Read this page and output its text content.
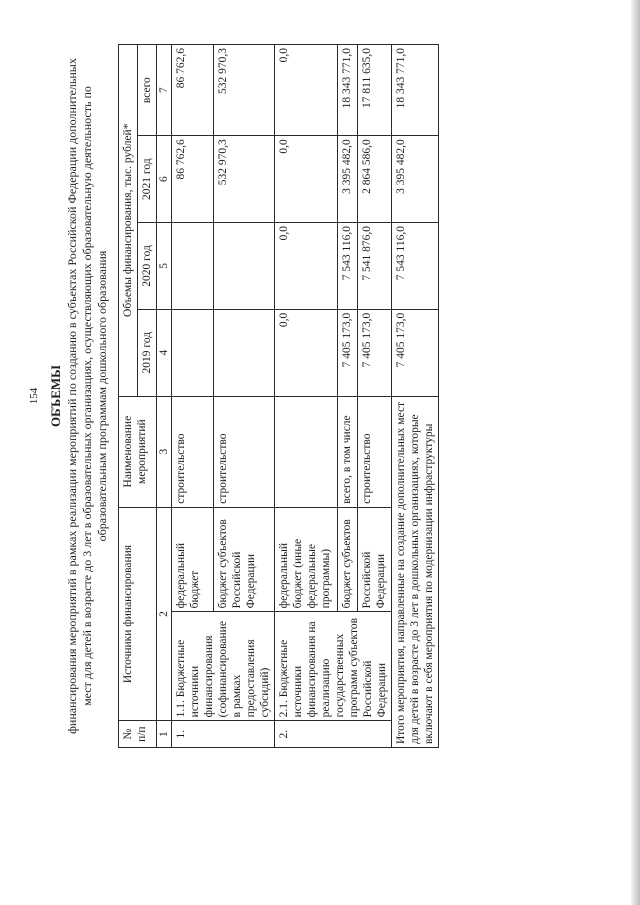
154 ОБЪЕМЫ финансирования мероприятий в рамках реализации мероприятий по созданию в субъектах Российской Федерации дополнительных мест для детей в возрасте до 3 лет в образовательных организациях, осуществляющих образовательную деятельность по образовательным программам дошкольного образования
№ п/п	Источники финансирования		Наименование мероприятий	Объемы финансирования, тыс. рублей*			
				2019 год	2020 год	2021 год	всего
1	2		3	4	5	6	7
1.	1.1. Бюджетные источники финансирования (софинансирование в рамках предоставления субсидий)	федеральный бюджет	строительство			86 762,6	86 762,6
		бюджет субъектов Российской Федерации	строительство			532 970,3	532 970,3
2.	2.1. Бюджетные источники финансирования на реализацию государственных программ субъектов Российской Федерации	федеральный бюджет (иные федеральные программы)		0,0	0,0	0,0	0,0
		бюджет субъектов	всего, в том числе	7 405 173,0	7 543 116,0	3 395 482,0	18 343 771,0
		Российской Федерации	строительство	7 405 173,0	7 541 876,0	2 864 586,0	17 811 635,0
Итого мероприятия, направленные на создание дополнительных мест для детей в возрасте до 3 лет в дошкольных организациях, которые включают в себя мероприятия по модернизации инфраструктуры				7 405 173,0	7 543 116,0	3 395 482,0	18 343 771,0
